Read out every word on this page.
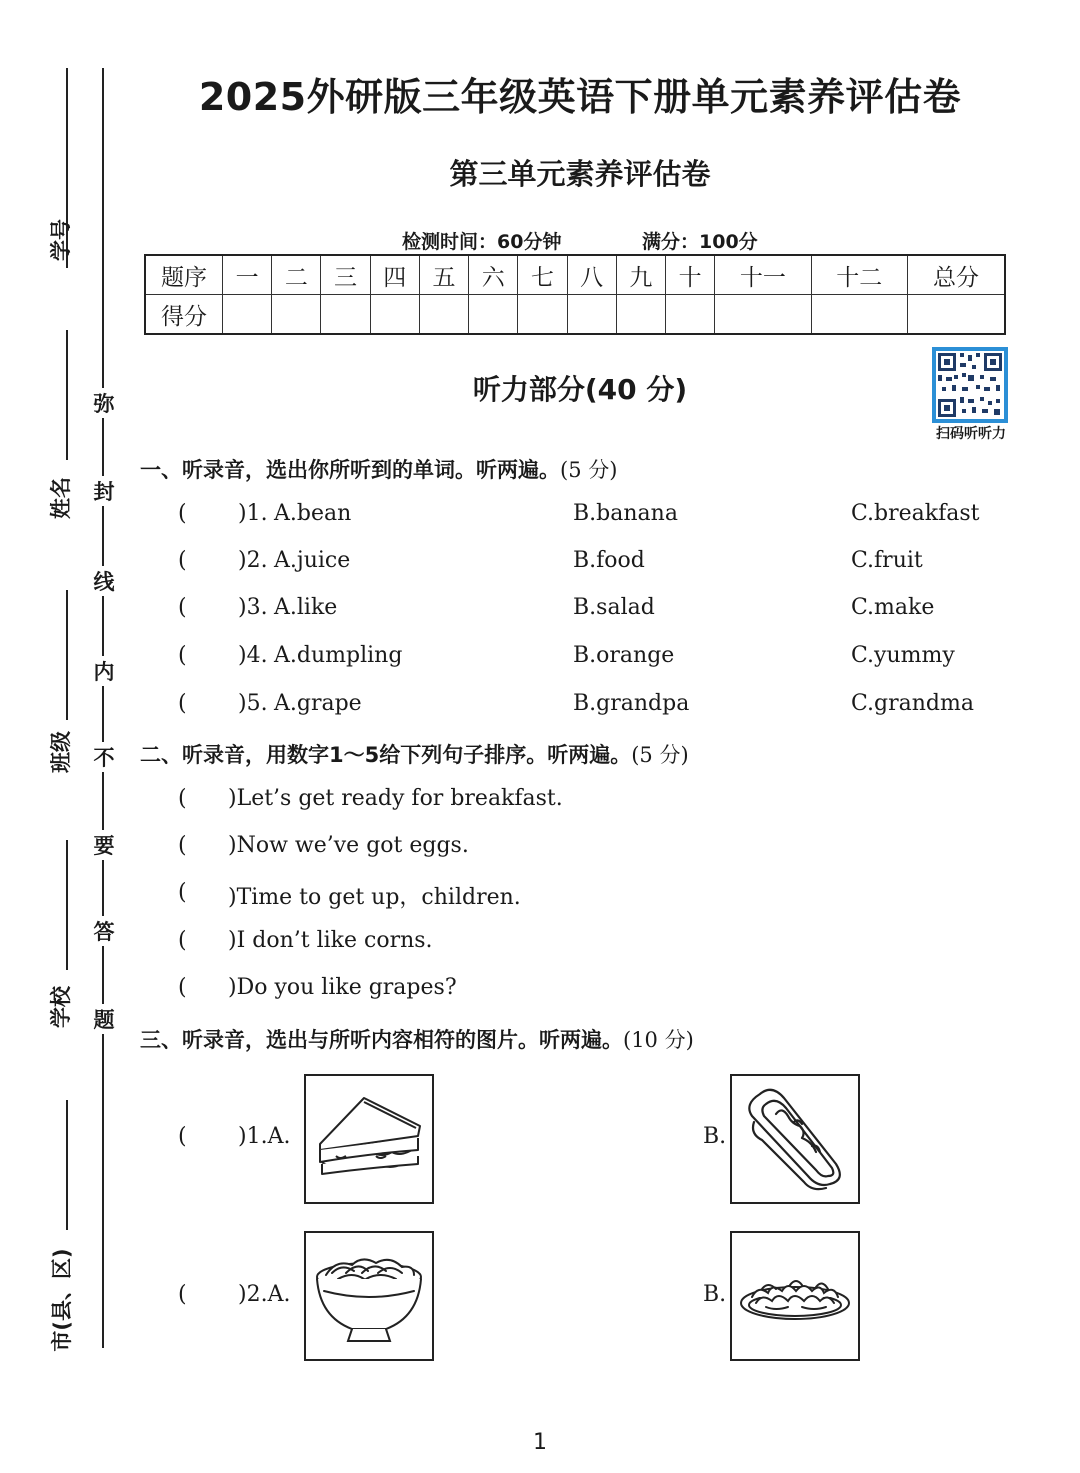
学号
姓名
班级
学校
市(县、区)
弥
封
线
内
不
要
答
题
2025外研版三年级英语下册单元素养评估卷
第三单元素养评估卷
检测时间：60分钟	满分：100分
题序	一	二	三	四	五	六	七	八	九	十	十一	十二	总分
得分													
扫码听听力
听力部分(40 分)
一、听录音，选出你所听到的单词。听两遍。(5 分)
( )1. A.bean	B.banana	C.breakfast
( )2. A.juice	B.food	C.fruit
( )3. A.like	B.salad	C.make
( )4. A.dumpling	B.orange	C.yummy
( )5. A.grape	B.grandpa	C.grandma
二、听录音，用数字1～5给下列句子排序。听两遍。(5 分)
( )Let’s get ready for breakfast.
( )Now we’ve got eggs.
( )Time to get up，children.
( )I don’t like corns.
( )Do you like grapes?
三、听录音，选出与所听内容相符的图片。听两遍。(10 分)
( )1.A.	B.
( )2.A.	B.
1
